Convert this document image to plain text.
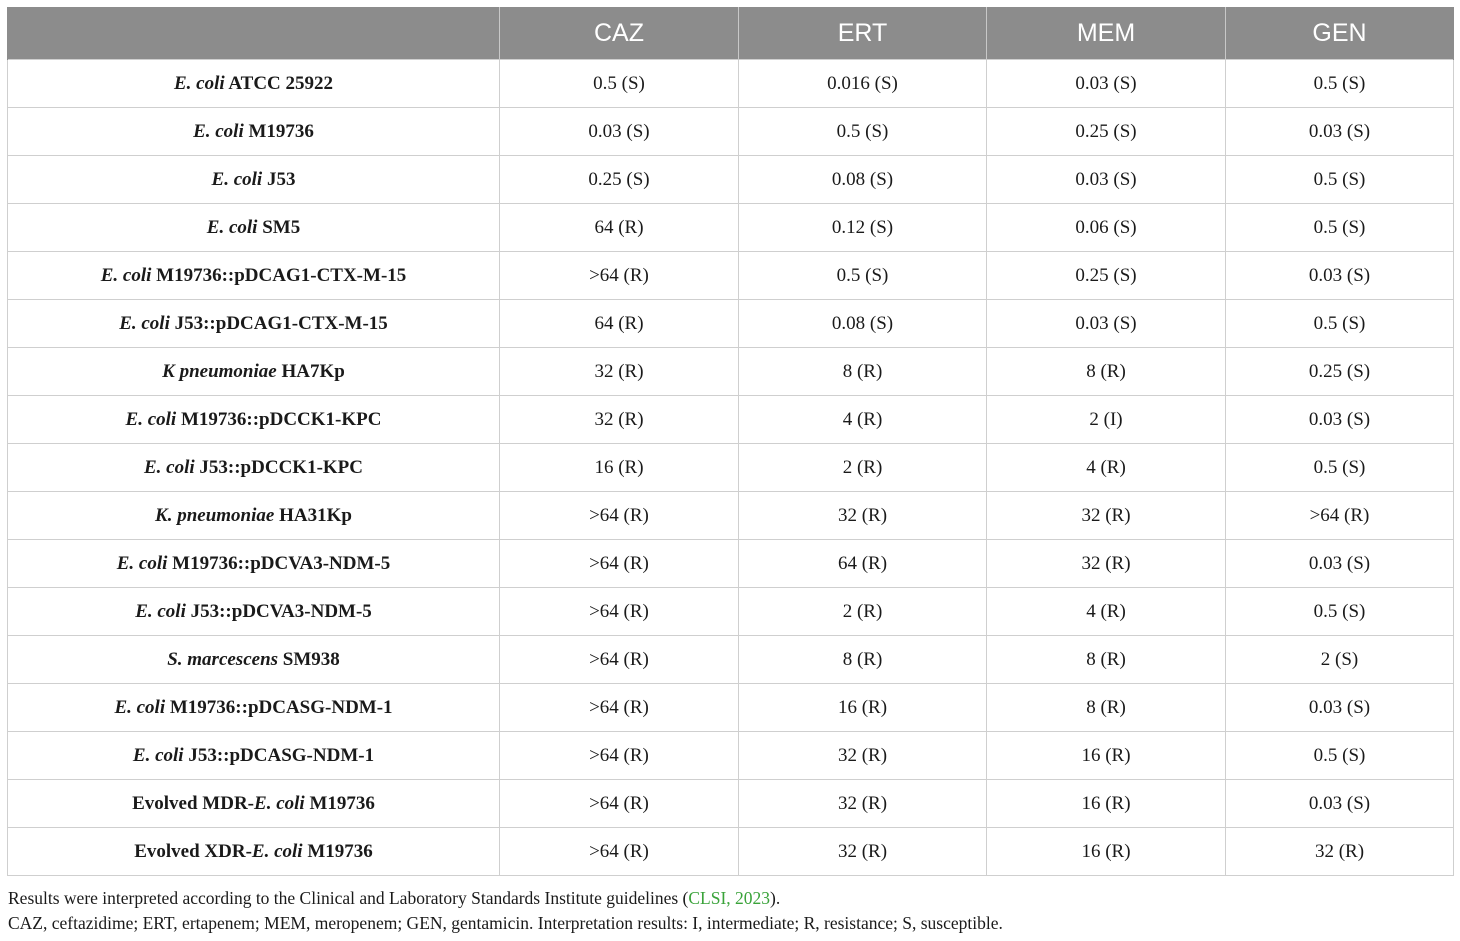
	CAZ	ERT	MEM	GEN
E. coli ATCC 25922	0.5 (S)	0.016 (S)	0.03 (S)	0.5 (S)
E. coli M19736	0.03 (S)	0.5 (S)	0.25 (S)	0.03 (S)
E. coli J53	0.25 (S)	0.08 (S)	0.03 (S)	0.5 (S)
E. coli SM5	64 (R)	0.12 (S)	0.06 (S)	0.5 (S)
E. coli M19736::pDCAG1-CTX-M-15	>64 (R)	0.5 (S)	0.25 (S)	0.03 (S)
E. coli J53::pDCAG1-CTX-M-15	64 (R)	0.08 (S)	0.03 (S)	0.5 (S)
K pneumoniae HA7Kp	32 (R)	8 (R)	8 (R)	0.25 (S)
E. coli M19736::pDCCK1-KPC	32 (R)	4 (R)	2 (I)	0.03 (S)
E. coli J53::pDCCK1-KPC	16 (R)	2 (R)	4 (R)	0.5 (S)
K. pneumoniae HA31Kp	>64 (R)	32 (R)	32 (R)	>64 (R)
E. coli M19736::pDCVA3-NDM-5	>64 (R)	64 (R)	32 (R)	0.03 (S)
E. coli J53::pDCVA3-NDM-5	>64 (R)	2 (R)	4 (R)	0.5 (S)
S. marcescens SM938	>64 (R)	8 (R)	8 (R)	2 (S)
E. coli M19736::pDCASG-NDM-1	>64 (R)	16 (R)	8 (R)	0.03 (S)
E. coli J53::pDCASG-NDM-1	>64 (R)	32 (R)	16 (R)	0.5 (S)
Evolved MDR-E. coli M19736	>64 (R)	32 (R)	16 (R)	0.03 (S)
Evolved XDR-E. coli M19736	>64 (R)	32 (R)	16 (R)	32 (R)
Results were interpreted according to the Clinical and Laboratory Standards Institute guidelines (CLSI, 2023).
CAZ, ceftazidime; ERT, ertapenem; MEM, meropenem; GEN, gentamicin. Interpretation results: I, intermediate; R, resistance; S, susceptible.
